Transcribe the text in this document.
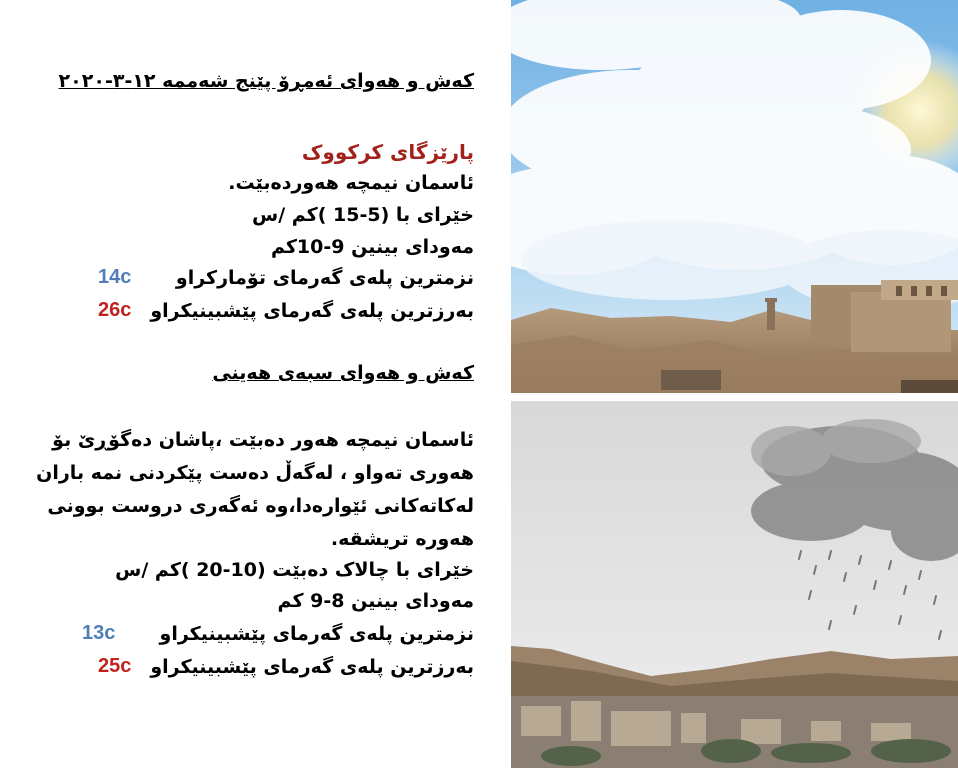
کەش و هەوای ئەمڕۆ پێنج شەممە ١٢-٣-٢٠٢٠
پارێزگای کرکووک
ئاسمان نیمچە هەوردەبێت.
خێرای با (5-15 )کم /س
مەودای بینین 9-10کم
14c	نزمترین پلەی گەرمای تۆمارکراو
26c بەرزترین پلەی گەرمای پێشبینیکراو
کەش و هەوای سبەی هەینی
ئاسمان نیمچە هەور دەبێت ،پاشان دەگۆڕێ بۆ
هەوری تەواو ، لەگەڵ دەست پێکردنی نمە باران
لەکاتەکانی ئێوارەدا،وە ئەگەری دروست بوونی
هەورە تریشقە.
خێرای با چالاک دەبێت (10-20 )کم /س
مەودای بینین 8-9 کم
13c	نزمترین پلەی گەرمای پێشبینیکراو
25c بەرزترین پلەی گەرمای پێشبینیکراو
